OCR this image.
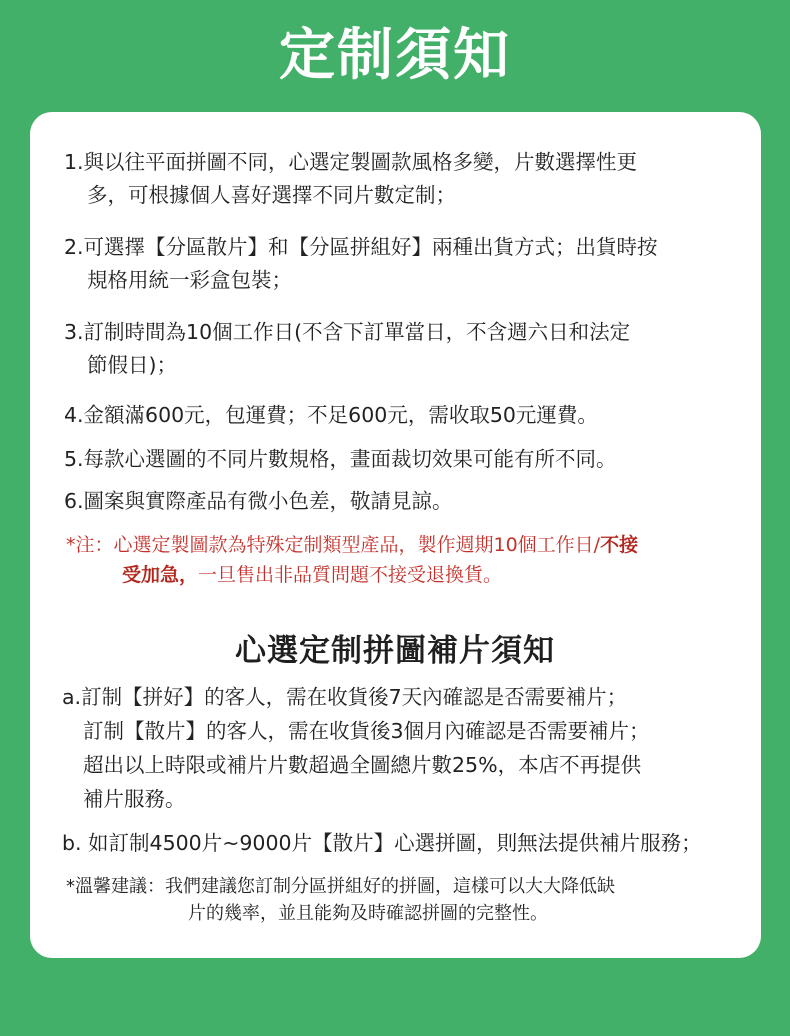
定制須知
1.與以往平面拼圖不同，心選定製圖款風格多變，片數選擇性更
多，可根據個人喜好選擇不同片數定制；
2.可選擇【分區散片】和【分區拼組好】兩種出貨方式；出貨時按
規格用統一彩盒包裝；
3.訂制時間為10個工作日(不含下訂單當日，不含週六日和法定
節假日)；
4.金額滿600元，包運費；不足600元，需收取50元運費。
5.每款心選圖的不同片數規格，畫面裁切效果可能有所不同。
6.圖案與實際產品有微小色差，敬請見諒。
*注：心選定製圖款為特殊定制類型產品，製作週期10個工作日/不接
受加急，一旦售出非品質問題不接受退換貨。
心選定制拼圖補片須知
a.訂制【拼好】的客人，需在收貨後7天內確認是否需要補片；
訂制【散片】的客人，需在收貨後3個月內確認是否需要補片；
超出以上時限或補片片數超過全圖總片數25%，本店不再提供
補片服務。
b. 如訂制4500片~9000片【散片】心選拼圖，則無法提供補片服務；
*溫馨建議：我們建議您訂制分區拼組好的拼圖，這樣可以大大降低缺
片的幾率，並且能夠及時確認拼圖的完整性。
